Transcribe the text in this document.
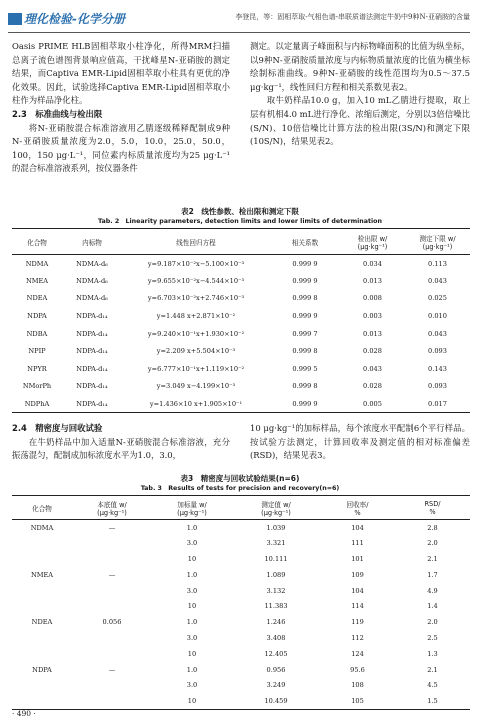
理化检验-化学分册	李登昆，等：固相萃取-气相色谱-串联质谱法测定牛奶中9种N-亚硝胺的含量

Oasis PRIME HLB固相萃取小柱净化，所得MRM扫描总离子流色谱图背景响应值高，干扰峰星N-亚硝胺的测定结果，而Captiva EMR-Lipid固相萃取小柱具有更优的净化效果。因此，试验选择Captiva EMR-Lipid固相萃取小柱作为样品净化柱。

2.3　标准曲线与检出限

将N-亚硝胺混合标准溶液用乙腈逐级稀释配制成9种N-亚硝胺质量浓度为2.0，5.0，10.0，25.0，50.0，100，150 μg·L⁻¹，同位素内标质量浓度均为25 μg·L⁻¹的混合标准溶液系列，按仪器条件

测定。以定量离子峰面积与内标物峰面积的比值为纵坐标，以9种N-亚硝胺质量浓度与内标物质量浓度的比值为横坐标绘制标准曲线。9种N-亚硝胺的线性范围均为0.5～37.5 μg·kg⁻¹，线性回归方程和相关系数见表2。

取牛奶样品10.0 g，加入10 mL乙腈进行提取，取上层有机相4.0 mL进行净化、浓缩后测定，分别以3倍信噪比(S/N)、10倍信噪比计算方法的检出限(3S/N)和测定下限(10S/N)，结果见表2。

表2　线性参数、检出限和测定下限
Tab. 2　Linearity parameters, detection limits and lower limits of determination
化合物	内标物	线性回归方程	相关系数	检出限 w/
(μg·kg⁻¹)	测定下限 w/
(μg·kg⁻¹)
NDMA	NDMA-d₆	y=9.187×10⁻²x−5.100×10⁻³	0.999 9	0.034	0.113
NMEA	NDMA-d₆	y=9.655×10⁻²x−4.544×10⁻³	0.999 9	0.013	0.043
NDEA	NDMA-d₆	y=6.703×10⁻²x+2.746×10⁻³	0.999 8	0.008	0.025
NDPA	NDPA-d₁₄	y=1.448 x+2.871×10⁻²	0.999 9	0.003	0.010
NDBA	NDPA-d₁₄	y=9.240×10⁻¹x+1.930×10⁻²	0.999 7	0.013	0.043
NPIP	NDPA-d₁₄	y=2.209 x+5.504×10⁻³	0.999 8	0.028	0.093
NPYR	NDPA-d₁₄	y=6.777×10⁻¹x+1.119×10⁻²	0.999 5	0.043	0.143
NMorPh	NDPA-d₁₄	y=3.049 x−4.199×10⁻³	0.999 8	0.028	0.093
NDPhA	NDPA-d₁₄	y=1.436×10 x+1.905×10⁻¹	0.999 9	0.005	0.017
2.4　精密度与回收试验

在牛奶样品中加入适量N-亚硝胺混合标准溶液，充分振荡混匀，配制成加标浓度水平为1.0，3.0，

10 μg·kg⁻¹的加标样品，每个浓度水平配制6个平行样品。按试验方法测定，计算回收率及测定值的相对标准偏差(RSD)，结果见表3。

表3　精密度与回收试验结果(n=6)
Tab. 3　Results of tests for precision and recovery(n=6)
化合物	本底值 w/
(μg·kg⁻¹)	加标量 w/
(μg·kg⁻¹)	测定值 w/
(μg·kg⁻¹)	回收率/
%	RSD/
%
NDMA	—	1.0	1.039	104	2.8
		3.0	3.321	111	2.0
		10	10.111	101	2.1
NMEA	—	1.0	1.089	109	1.7
		3.0	3.132	104	4.9
		10	11.383	114	1.4
NDEA	0.056	1.0	1.246	119	2.0
		3.0	3.408	112	2.5
		10	12.405	124	1.3
NDPA	—	1.0	0.956	95.6	2.1
		3.0	3.249	108	4.5
		10	10.459	105	1.5
· 490 ·
